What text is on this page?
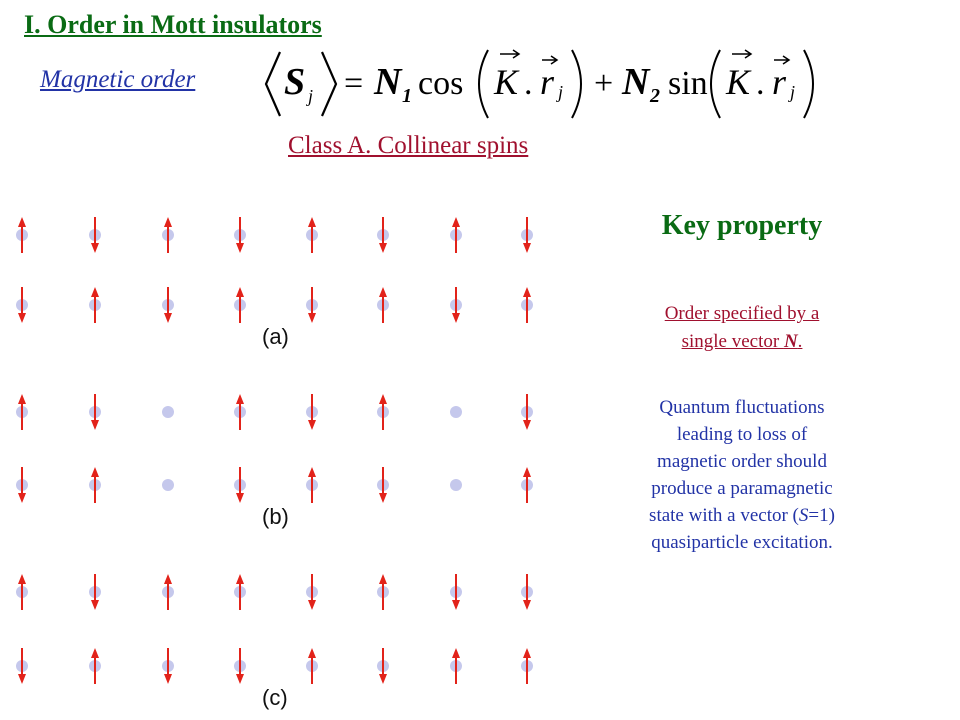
I. Order in Mott insulators
Magnetic order S j = N 1 cos K . r j + N 2 sin K . r j
Class A. Collinear spins
(a)
(b)
(c)
Key property
Order specified by a
single vector N.
Quantum fluctuations
leading to loss of
magnetic order should
produce a paramagnetic
state with a vector (S=1)
quasiparticle excitation.
